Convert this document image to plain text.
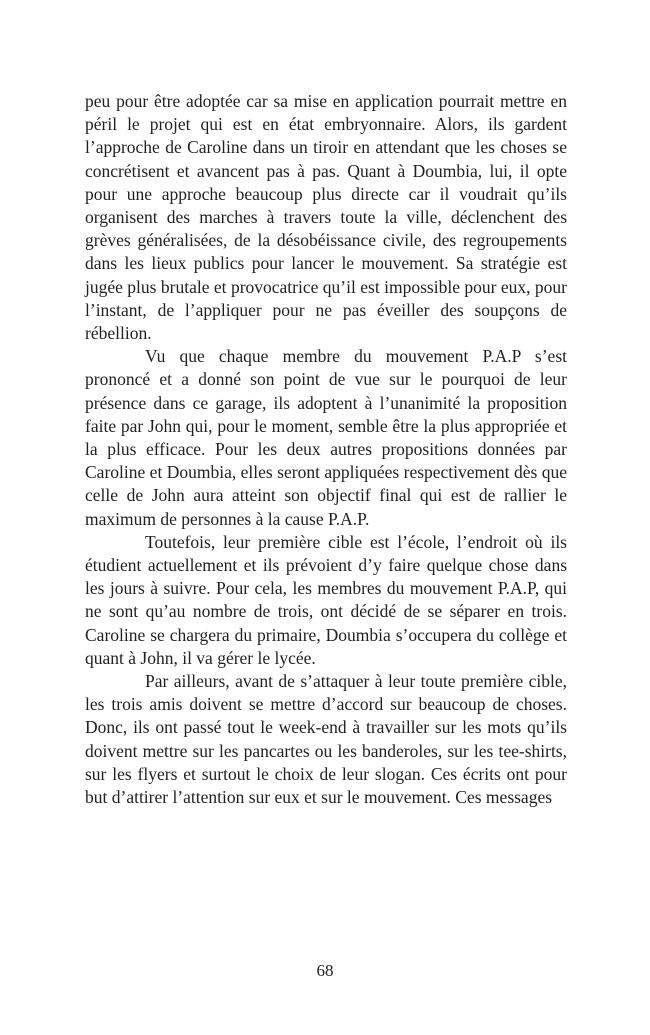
peu pour être adoptée car sa mise en application pourrait mettre en péril le projet qui est en état embryonnaire. Alors, ils gardent l’approche de Caroline dans un tiroir en attendant que les choses se concrétisent et avancent pas à pas. Quant à Doumbia, lui, il opte pour une approche beaucoup plus directe car il voudrait qu’ils organisent des marches à travers toute la ville, déclenchent des grèves généralisées, de la désobéissance civile, des regroupements dans les lieux publics pour lancer le mouvement. Sa stratégie est jugée plus brutale et provocatrice qu’il est impossible pour eux, pour l’instant, de l’appliquer pour ne pas éveiller des soupçons de rébellion.

Vu que chaque membre du mouvement P.A.P s’est prononcé et a donné son point de vue sur le pourquoi de leur présence dans ce garage, ils adoptent à l’unanimité la proposition faite par John qui, pour le moment, semble être la plus appropriée et la plus efficace. Pour les deux autres propositions données par Caroline et Doumbia, elles seront appliquées respectivement dès que celle de John aura atteint son objectif final qui est de rallier le maximum de personnes à la cause P.A.P.

Toutefois, leur première cible est l’école, l’endroit où ils étudient actuellement et ils prévoient d’y faire quelque chose dans les jours à suivre. Pour cela, les membres du mouvement P.A.P, qui ne sont qu’au nombre de trois, ont décidé de se séparer en trois. Caroline se chargera du primaire, Doumbia s’occupera du collège et quant à John, il va gérer le lycée.

Par ailleurs, avant de s’attaquer à leur toute première cible, les trois amis doivent se mettre d’accord sur beaucoup de choses. Donc, ils ont passé tout le week-end à travailler sur les mots qu’ils doivent mettre sur les pancartes ou les banderoles, sur les tee-shirts, sur les flyers et surtout le choix de leur slogan. Ces écrits ont pour but d’attirer l’attention sur eux et sur le mouvement. Ces messages

68
